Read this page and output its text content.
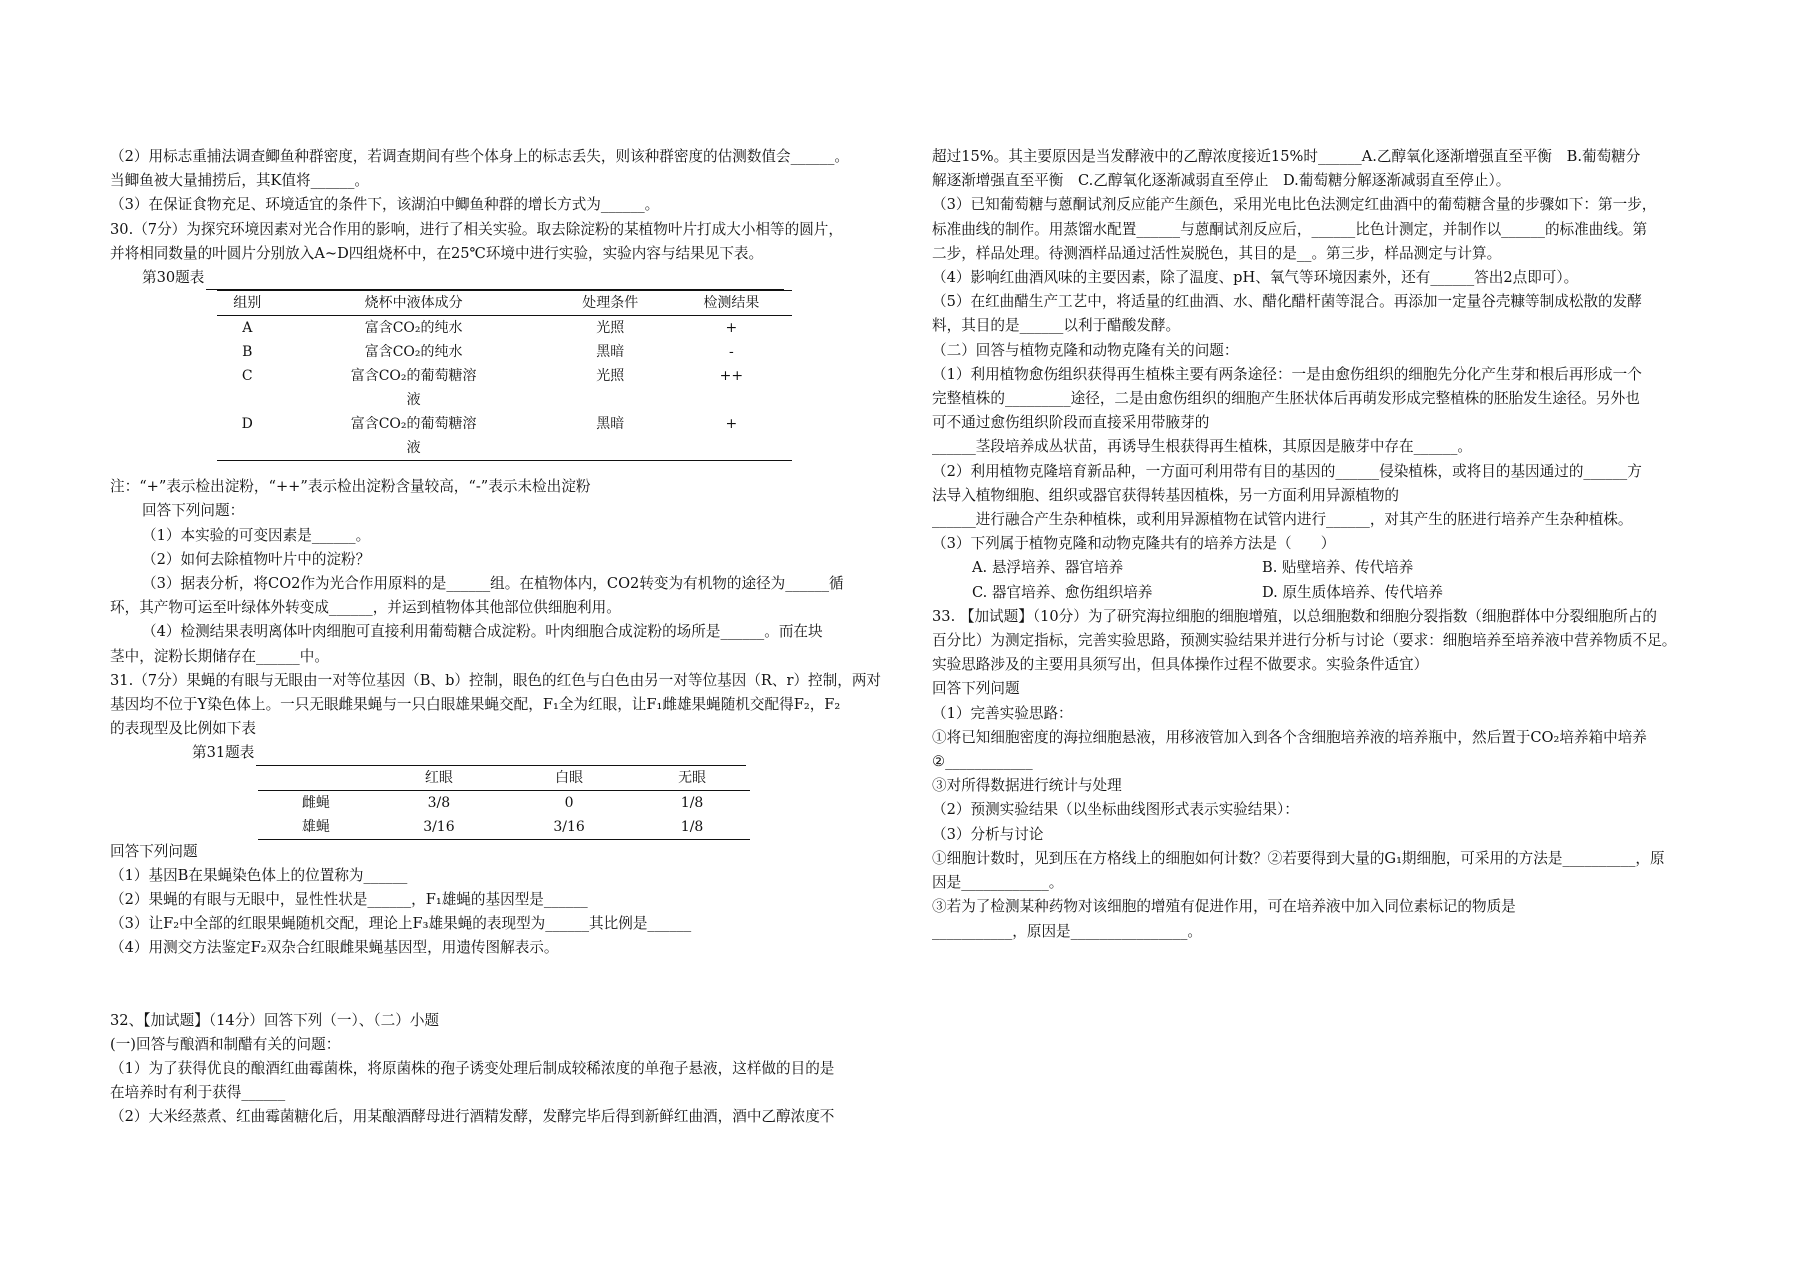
（2）用标志重捕法调查鲫鱼种群密度，若调查期间有些个体身上的标志丢失，则该种群密度的估测数值会______。

当鲫鱼被大量捕捞后，其K值将______。

（3）在保证食物充足、环境适宜的条件下，该湖泊中鲫鱼种群的增长方式为______。

30.（7分）为探究环境因素对光合作用的影响，进行了相关实验。取去除淀粉的某植物叶片打成大小相等的圆片，

并将相同数量的叶圆片分别放入A~D四组烧杯中，在25℃环境中进行实验，实验内容与结果见下表。

第30题表
组别	烧杯中液体成分	处理条件	检测结果
A	富含CO₂的纯水	光照	+
B	富含CO₂的纯水	黑暗	-
C	富含CO₂的葡萄糖溶	光照	++
	液		
D	富含CO₂的葡萄糖溶	黑暗	+
	液		

注：“+”表示检出淀粉，“++”表示检出淀粉含量较高，“-”表示未检出淀粉

回答下列问题：

（1）本实验的可变因素是______。

（2）如何去除植物叶片中的淀粉？

（3）据表分析，将CO2作为光合作用原料的是______组。在植物体内，CO2转变为有机物的途径为______循

环，其产物可运至叶绿体外转变成______，并运到植物体其他部位供细胞利用。

（4）检测结果表明离体叶肉细胞可直接利用葡萄糖合成淀粉。叶肉细胞合成淀粉的场所是______。而在块

茎中，淀粉长期储存在______中。

31.（7分）果蝇的有眼与无眼由一对等位基因（B、b）控制，眼色的红色与白色由另一对等位基因（R、r）控制，两对

基因均不位于Y染色体上。一只无眼雌果蝇与一只白眼雄果蝇交配，F₁全为红眼，让F₁雌雄果蝇随机交配得F₂，F₂

的表现型及比例如下表

第31题表
	红眼	白眼	无眼
雌蝇	3/8	0	1/8
雄蝇	3/16	3/16	1/8

回答下列问题

（1）基因B在果蝇染色体上的位置称为______

（2）果蝇的有眼与无眼中，显性性状是______，F₁雄蝇的基因型是______

（3）让F₂中全部的红眼果蝇随机交配，理论上F₃雄果蝇的表现型为______其比例是______

（4）用测交方法鉴定F₂双杂合红眼雌果蝇基因型，用遗传图解表示。

32、【加试题】（14分）回答下列（一）、（二）小题

(一)回答与酿酒和制醋有关的问题：

（1）为了获得优良的酿酒红曲霉菌株，将原菌株的孢子诱变处理后制成较稀浓度的单孢子悬液，这样做的目的是

在培养时有利于获得______

（2）大米经蒸煮、红曲霉菌糖化后，用某酿酒酵母进行酒精发酵，发酵完毕后得到新鲜红曲酒，酒中乙醇浓度不

超过15%。其主要原因是当发酵液中的乙醇浓度接近15%时______A.乙醇氧化逐渐增强直至平衡　B.葡萄糖分

解逐渐增强直至平衡　C.乙醇氧化逐渐减弱直至停止　D.葡萄糖分解逐渐减弱直至停止）。

（3）已知葡萄糖与蒽酮试剂反应能产生颜色，采用光电比色法测定红曲酒中的葡萄糖含量的步骤如下：第一步，

标准曲线的制作。用蒸馏水配置______与蒽酮试剂反应后，______比色计测定，并制作以______的标准曲线。第

二步，样品处理。待测酒样品通过活性炭脱色，其目的是__。第三步，样品测定与计算。

（4）影响红曲酒风味的主要因素，除了温度、pH、氧气等环境因素外，还有______答出2点即可）。

（5）在红曲醋生产工艺中，将适量的红曲酒、水、醋化醋杆菌等混合。再添加一定量谷壳糠等制成松散的发酵

料，其目的是______以利于醋酸发酵。

（二）回答与植物克隆和动物克隆有关的问题：

（1）利用植物愈伤组织获得再生植株主要有两条途径：一是由愈伤组织的细胞先分化产生芽和根后再形成一个

完整植株的_________途径，二是由愈伤组织的细胞产生胚状体后再萌发形成完整植株的胚胎发生途径。另外也

可不通过愈伤组织阶段而直接采用带腋芽的

______茎段培养成丛状苗，再诱导生根获得再生植株，其原因是腋芽中存在______。

（2）利用植物克隆培育新品种，一方面可利用带有目的基因的______侵染植株，或将目的基因通过的______方

法导入植物细胞、组织或器官获得转基因植株，另一方面利用异源植物的

______进行融合产生杂种植株，或利用异源植物在试管内进行______，对其产生的胚进行培养产生杂种植株。

（3）下列属于植物克隆和动物克隆共有的培养方法是（　　）

A. 悬浮培养、器官培养	B. 贴壁培养、传代培养
C. 器官培养、愈伤组织培养	D. 原生质体培养、传代培养

33. 【加试题】（10分）为了研究海拉细胞的细胞增殖，以总细胞数和细胞分裂指数（细胞群体中分裂细胞所占的

百分比）为测定指标，完善实验思路，预测实验结果并进行分析与讨论（要求：细胞培养至培养液中营养物质不足。

实验思路涉及的主要用具须写出，但具体操作过程不做要求。实验条件适宜）

回答下列问题

（1）完善实验思路：

①将已知细胞密度的海拉细胞悬液，用移液管加入到各个含细胞培养液的培养瓶中，然后置于CO₂培养箱中培养

②____________

③对所得数据进行统计与处理

（2）预测实验结果（以坐标曲线图形式表示实验结果）：

（3）分析与讨论

①细胞计数时，见到压在方格线上的细胞如何计数？②若要得到大量的G₁期细胞，可采用的方法是__________，原

因是____________。

③若为了检测某种药物对该细胞的增殖有促进作用，可在培养液中加入同位素标记的物质是

___________，原因是________________。
